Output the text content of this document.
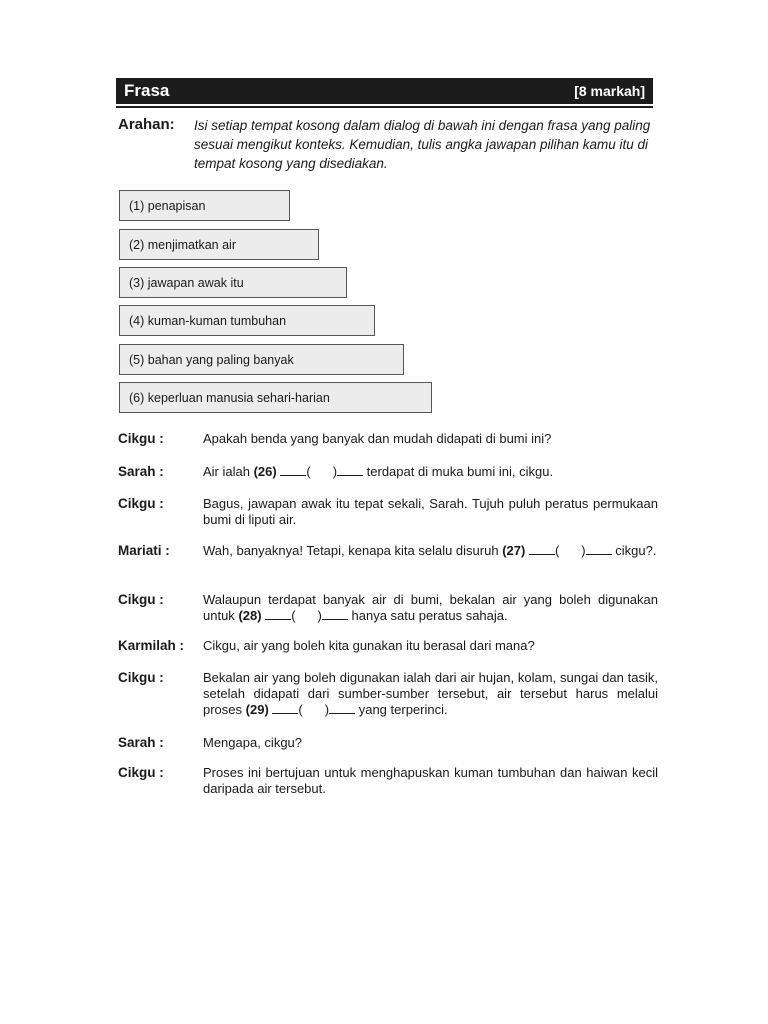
Frasa	[8 markah]
Arahan: Isi setiap tempat kosong dalam dialog di bawah ini dengan frasa yang paling sesuai mengikut konteks. Kemudian, tulis angka jawapan pilihan kamu itu di tempat kosong yang disediakan.
(1) penapisan
(2) menjimatkan air
(3) jawapan awak itu
(4) kuman-kuman tumbuhan
(5) bahan yang paling banyak
(6) keperluan manusia sehari-harian
Cikgu :	Apakah benda yang banyak dan mudah didapati di bumi ini?
Sarah :	Air ialah (26) ( ) terdapat di muka bumi ini, cikgu.
Cikgu :	Bagus, jawapan awak itu tepat sekali, Sarah. Tujuh puluh peratus permukaan bumi di liputi air.
Mariati :	Wah, banyaknya! Tetapi, kenapa kita selalu disuruh (27) ( ) cikgu?.
Cikgu :	Walaupun terdapat banyak air di bumi, bekalan air yang boleh digunakan untuk (28) ( ) hanya satu peratus sahaja.
Karmilah : Cikgu, air yang boleh kita gunakan itu berasal dari mana?
Cikgu :	Bekalan air yang boleh digunakan ialah dari air hujan, kolam, sungai dan tasik, setelah didapati dari sumber-sumber tersebut, air tersebut harus melalui proses (29) ( ) yang terperinci.
Sarah :	Mengapa, cikgu?
Cikgu :	Proses ini bertujuan untuk menghapuskan kuman tumbuhan dan haiwan kecil daripada air tersebut.
